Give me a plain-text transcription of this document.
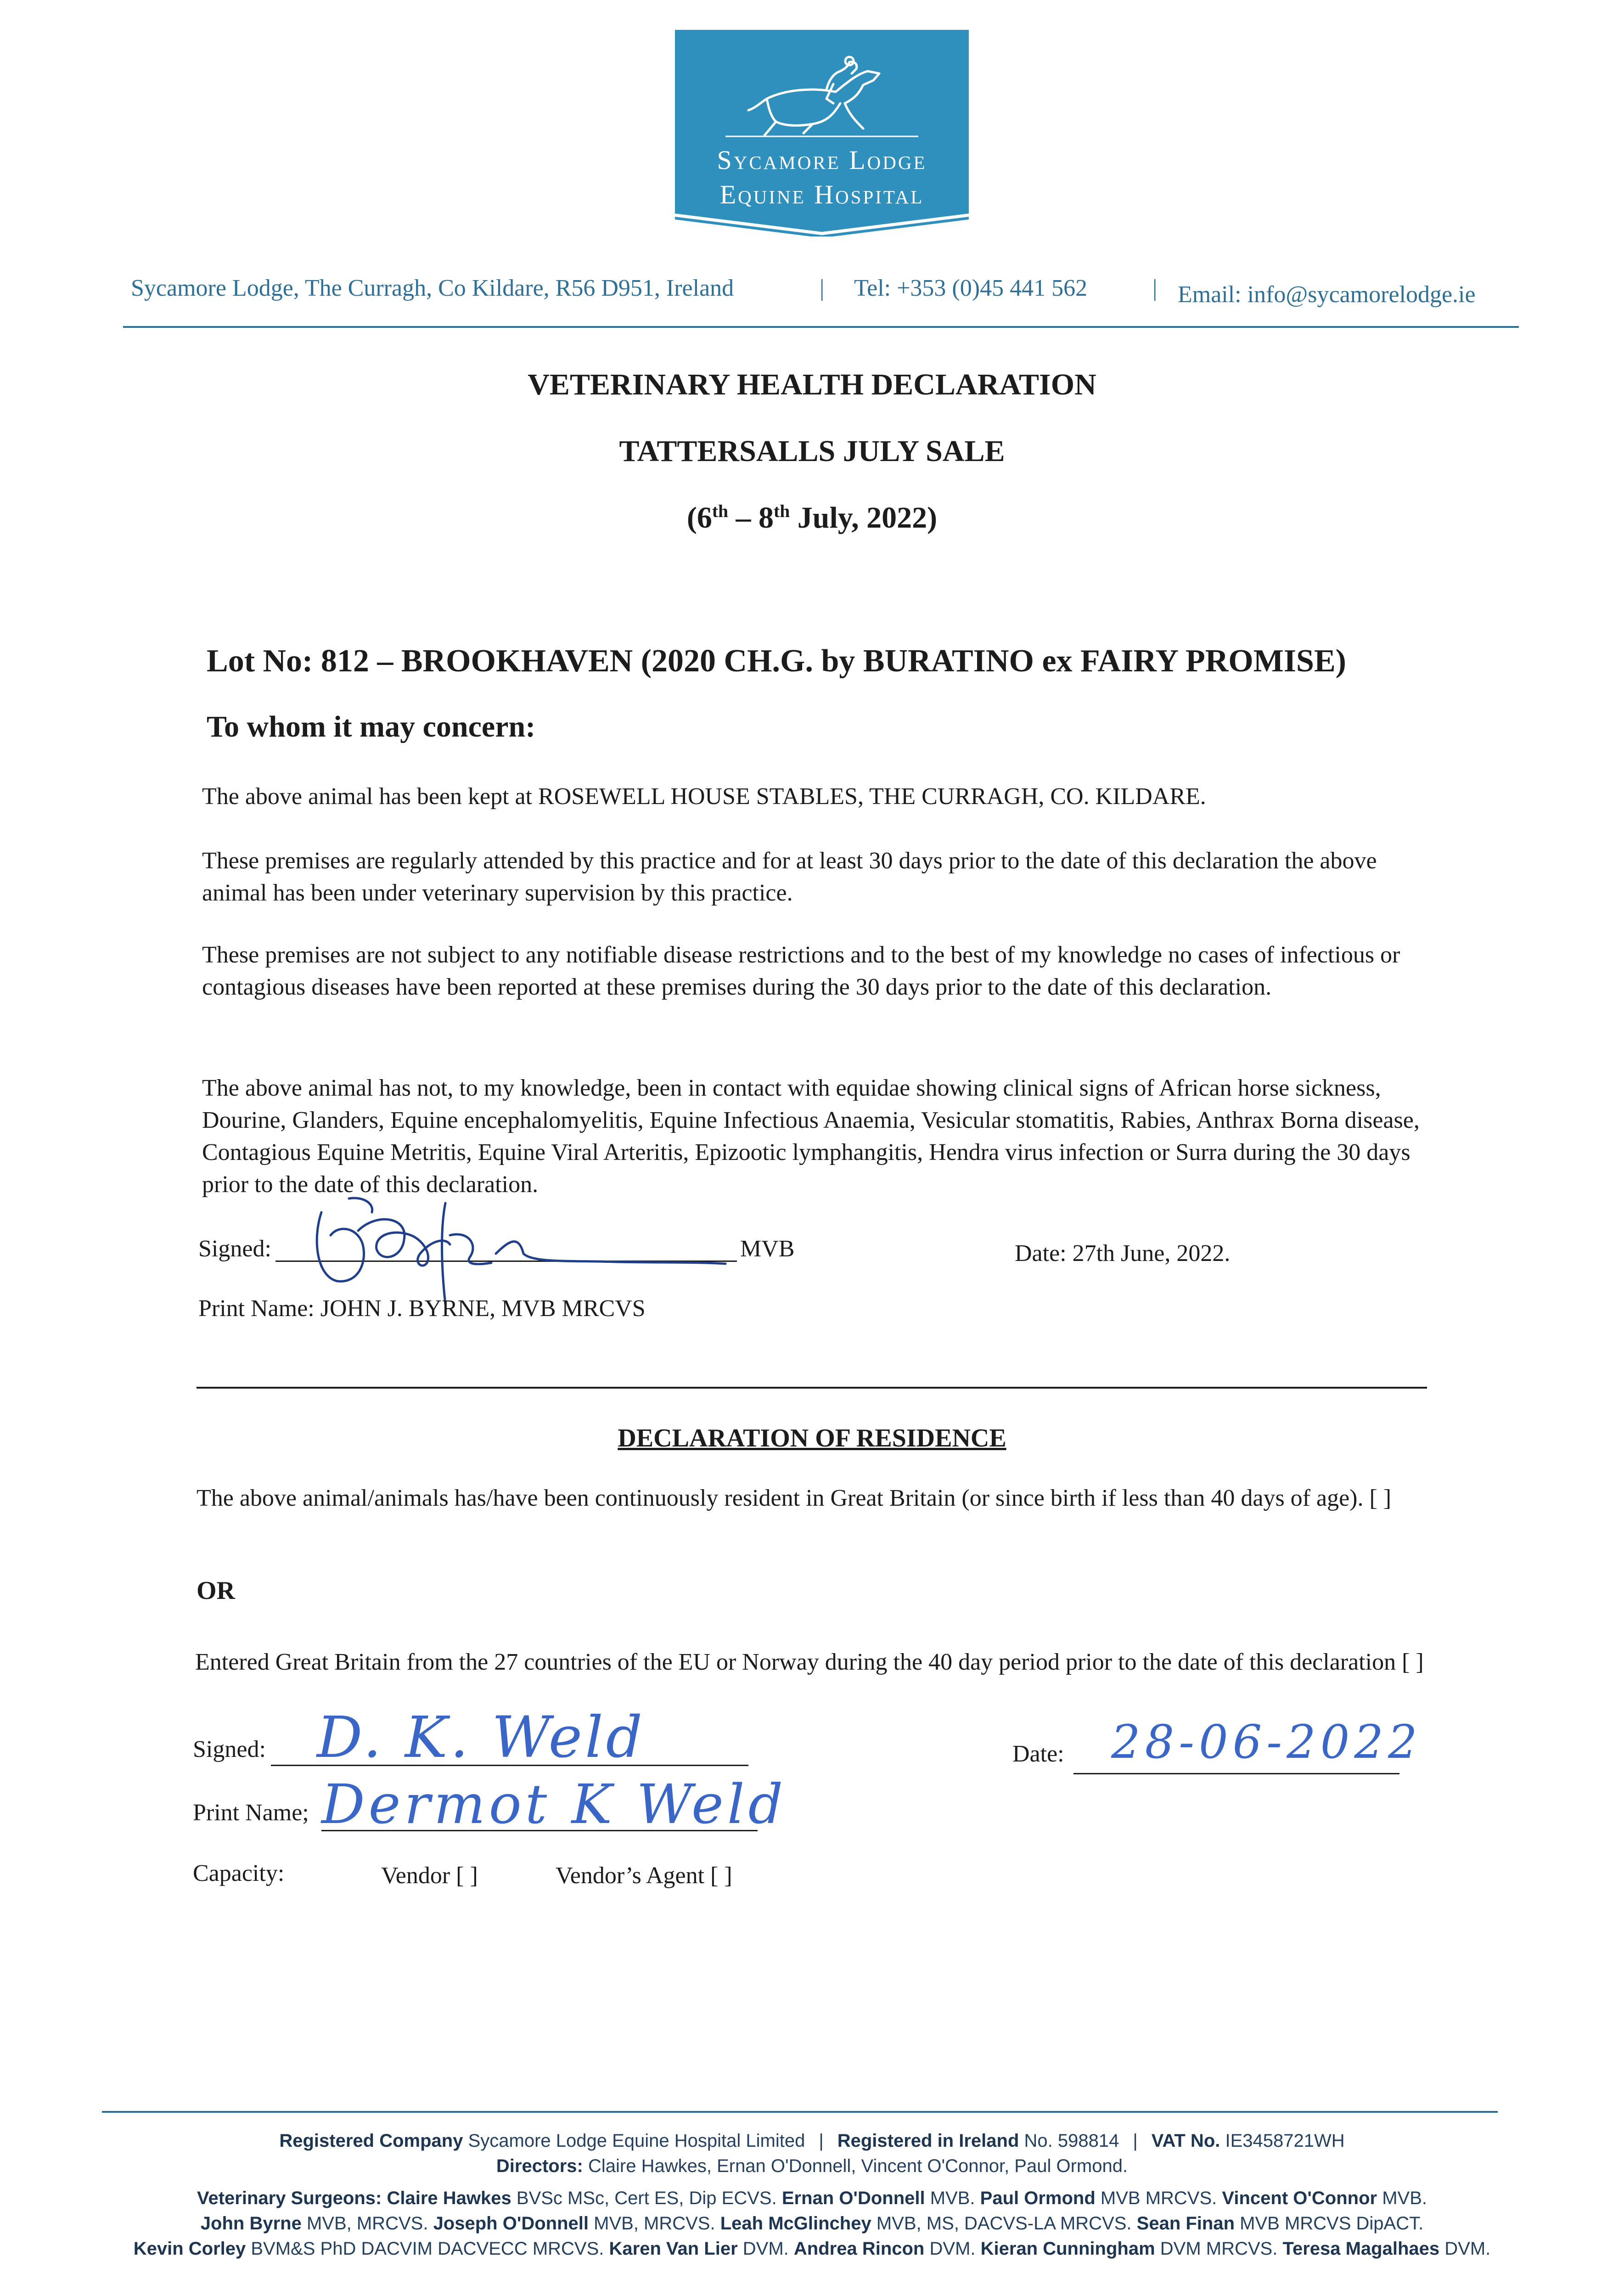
Sycamore Lodge
Equine Hospital
Sycamore Lodge, The Curragh, Co Kildare, R56 D951, Ireland	| Tel: +353 (0)45 441 562	| Email: info@sycamorelodge.ie
VETERINARY HEALTH DECLARATION
TATTERSALLS JULY SALE
(6th – 8th July, 2022)
Lot No: 812 – BROOKHAVEN (2020 CH.G. by BURATINO ex FAIRY PROMISE)
To whom it may concern:
The above animal has been kept at ROSEWELL HOUSE STABLES, THE CURRAGH, CO. KILDARE.
These premises are regularly attended by this practice and for at least 30 days prior to the date of this declaration the above animal has been under veterinary supervision by this practice.
These premises are not subject to any notifiable disease restrictions and to the best of my knowledge no cases of infectious or contagious diseases have been reported at these premises during the 30 days prior to the date of this declaration.
The above animal has not, to my knowledge, been in contact with equidae showing clinical signs of African horse sickness, Dourine, Glanders, Equine encephalomyelitis, Equine Infectious Anaemia, Vesicular stomatitis, Rabies, Anthrax Borna disease, Contagious Equine Metritis, Equine Viral Arteritis, Epizootic lymphangitis, Hendra virus infection or Surra during the 30 days prior to the date of this declaration.
Signed:	MVB	Date: 27th June, 2022.
Print Name: JOHN J. BYRNE, MVB MRCVS
DECLARATION OF RESIDENCE
The above animal/animals has/have been continuously resident in Great Britain (or since birth if less than 40 days of age). [ ]
OR
Entered Great Britain from the 27 countries of the EU or Norway during the 40 day period prior to the date of this declaration [ ]
Signed: D. K. Weld	Date: 28-06-2022
Print Name; Dermot K Weld
Capacity:	Vendor [ ]	Vendor’s Agent [ ]
Registered Company Sycamore Lodge Equine Hospital Limited | Registered in Ireland No. 598814 | VAT No. IE3458721WH
Directors: Claire Hawkes, Ernan O'Donnell, Vincent O'Connor, Paul Ormond.
Veterinary Surgeons: Claire Hawkes BVSc MSc, Cert ES, Dip ECVS. Ernan O'Donnell MVB. Paul Ormond MVB MRCVS. Vincent O'Connor MVB.
John Byrne MVB, MRCVS. Joseph O'Donnell MVB, MRCVS. Leah McGlinchey MVB, MS, DACVS-LA MRCVS. Sean Finan MVB MRCVS DipACT.
Kevin Corley BVM&S PhD DACVIM DACVECC MRCVS. Karen Van Lier DVM. Andrea Rincon DVM. Kieran Cunningham DVM MRCVS. Teresa Magalhaes DVM.
